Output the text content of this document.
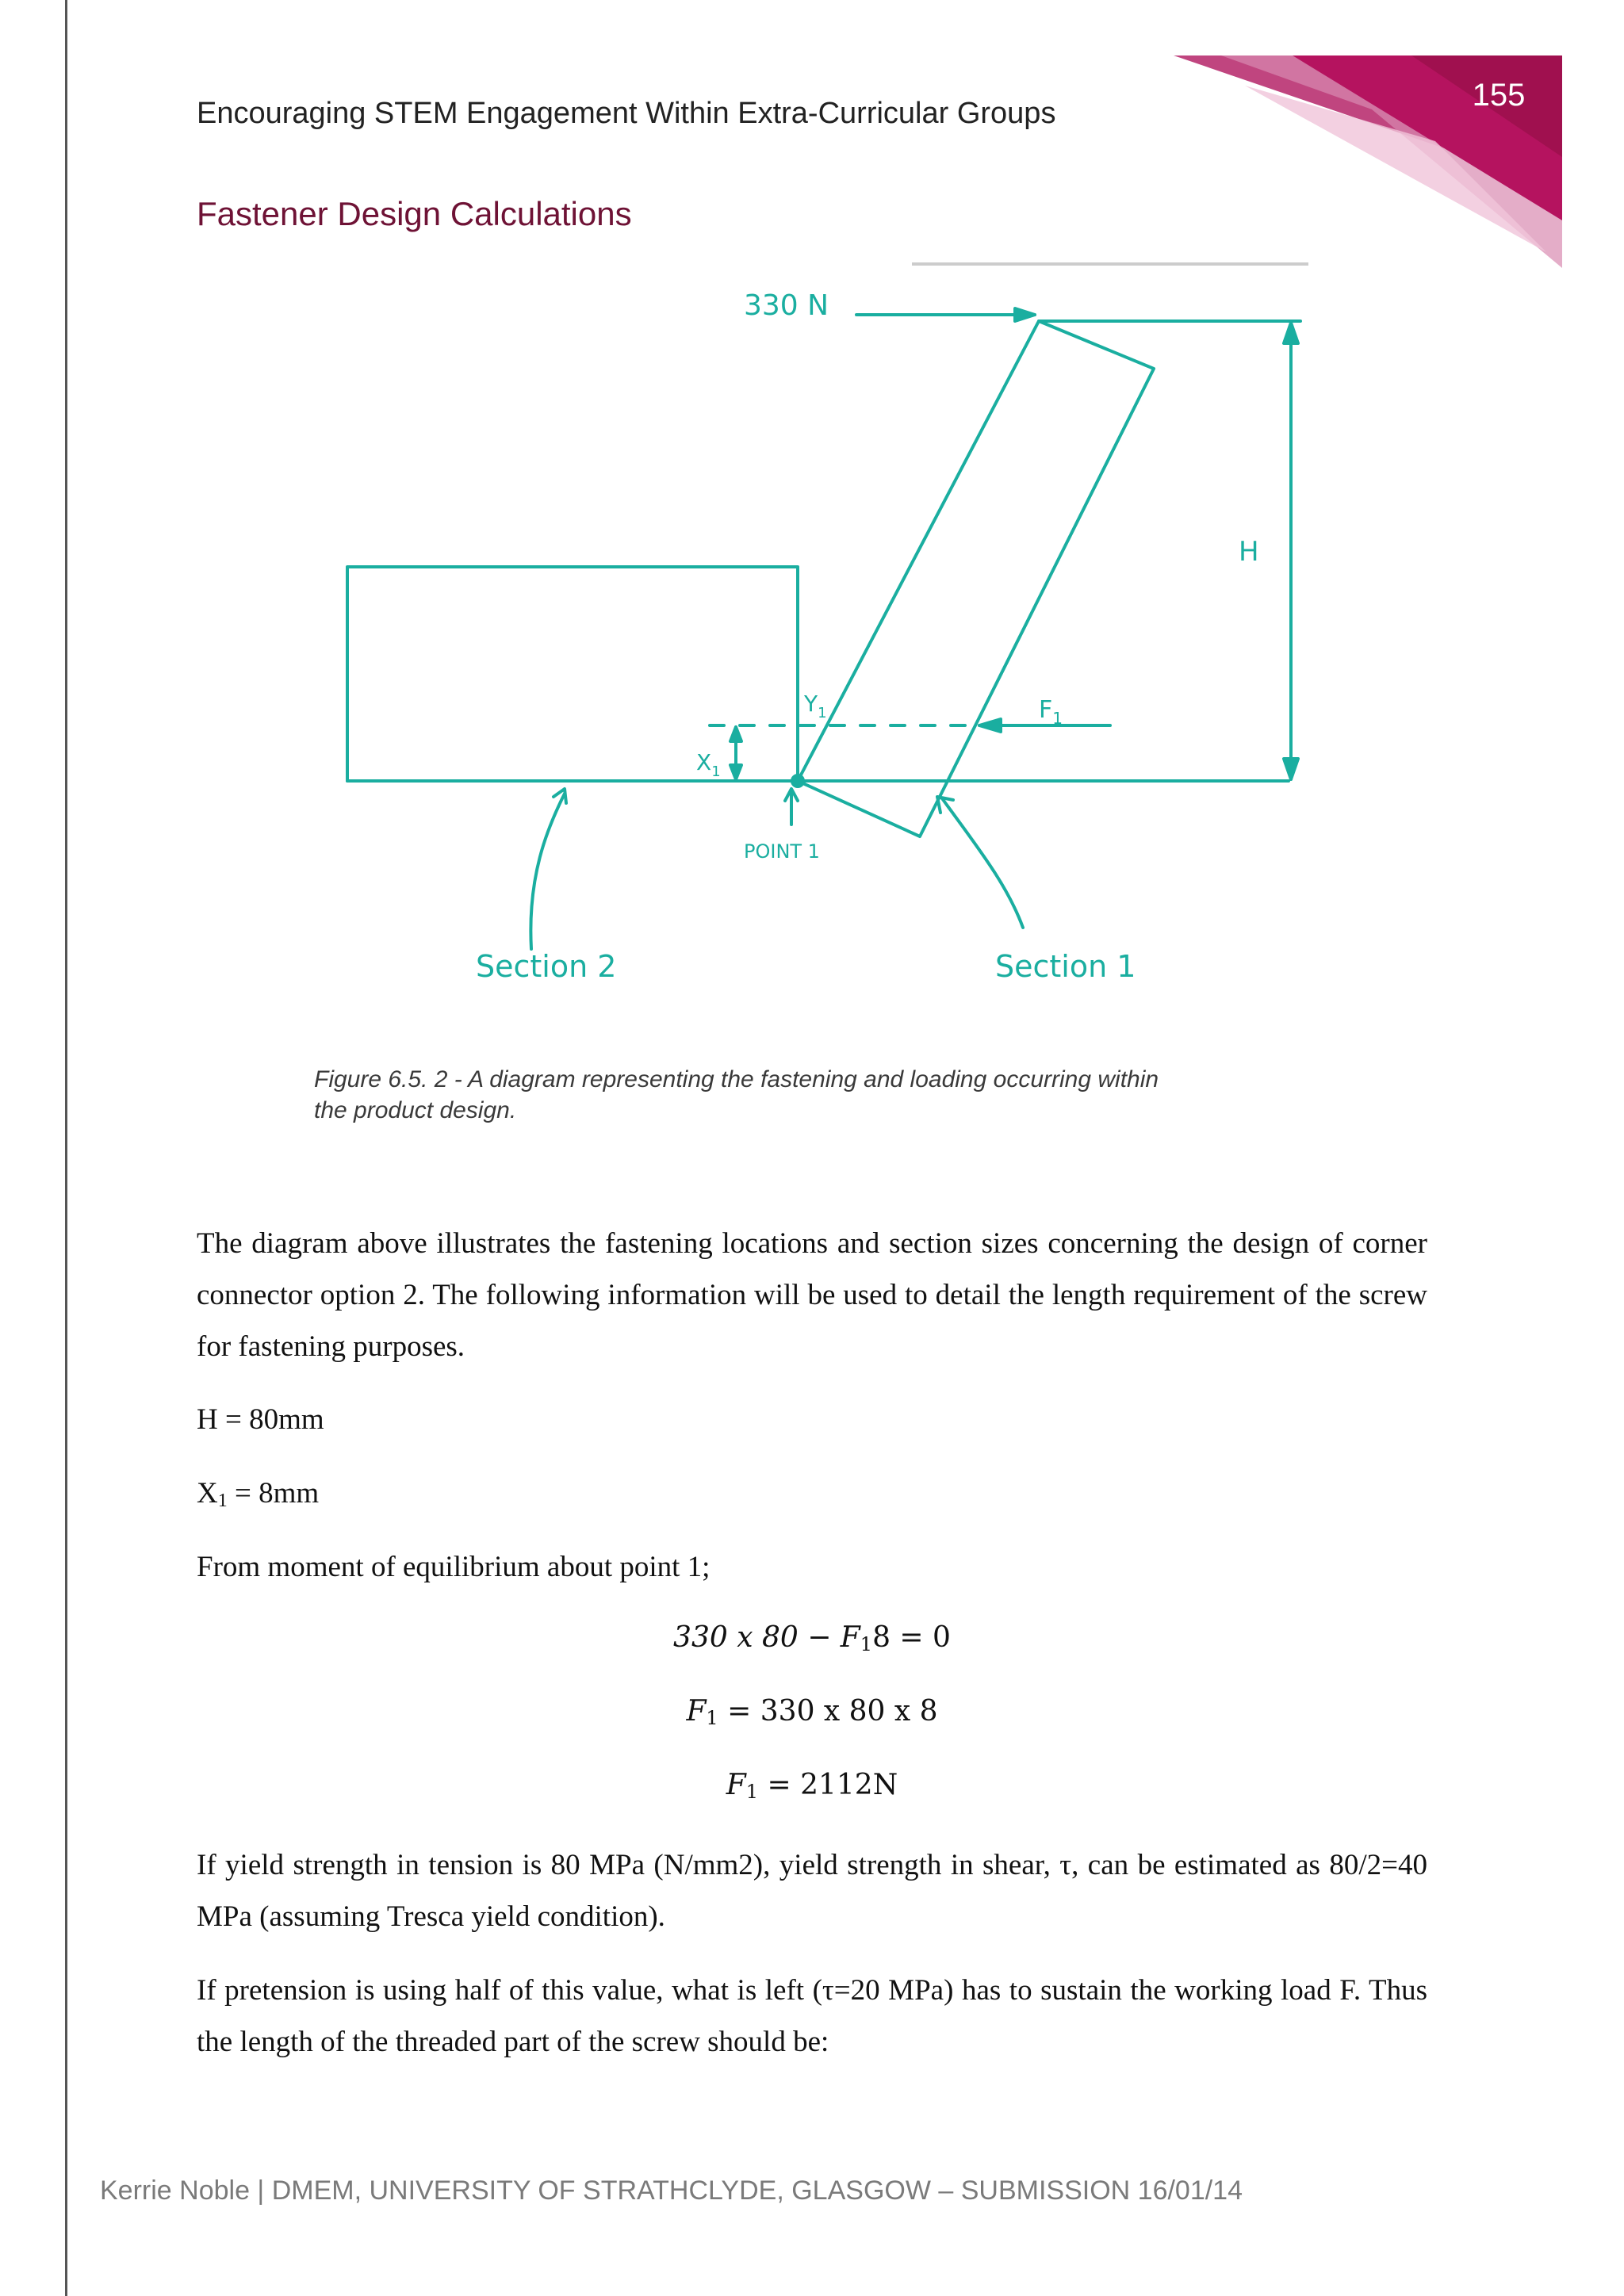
155
Encouraging STEM Engagement Within Extra-Curricular Groups
Fastener Design Calculations
330 N
H
$Y_1$
$X_1$
$F_1$
POINT 1
Section 2	Section 1
Figure 6.5. 2 - A diagram representing the fastening and loading occurring within
the product design.
The diagram above illustrates the fastening locations and section sizes concerning the design of corner connector option 2. The following information will be used to detail the length requirement of the screw for fastening purposes.
H = 80mm
X1 = 8mm
From moment of equilibrium about point 1;
330 x 80 − F18 = 0
F1 = 330 x 80 x 8
F1 = 2112N
If yield strength in tension is 80 MPa (N/mm2), yield strength in shear, τ, can be estimated as 80/2=40 MPa (assuming Tresca yield condition).
If pretension is using half of this value, what is left (τ=20 MPa) has to sustain the working load F. Thus the length of the threaded part of the screw should be:
Kerrie Noble | DMEM, UNIVERSITY OF STRATHCLYDE, GLASGOW – SUBMISSION 16/01/14
